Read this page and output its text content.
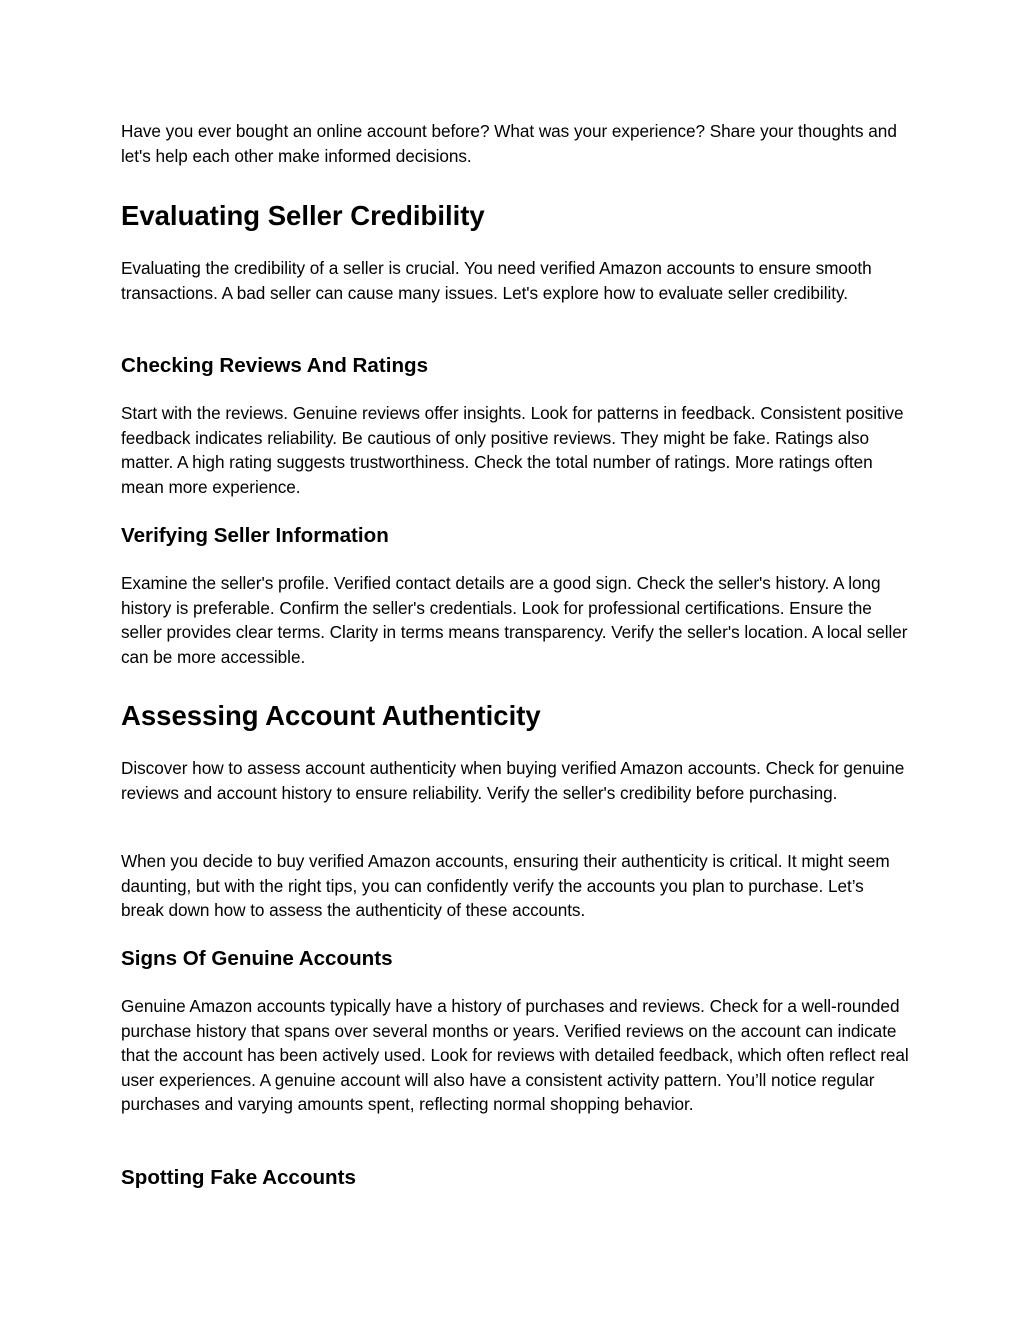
Have you ever bought an online account before? What was your experience? Share your thoughts and let's help each other make informed decisions.

Evaluating Seller Credibility

Evaluating the credibility of a seller is crucial. You need verified Amazon accounts to ensure smooth transactions. A bad seller can cause many issues. Let's explore how to evaluate seller credibility.

Checking Reviews And Ratings

Start with the reviews. Genuine reviews offer insights. Look for patterns in feedback. Consistent positive feedback indicates reliability. Be cautious of only positive reviews. They might be fake. Ratings also matter. A high rating suggests trustworthiness. Check the total number of ratings. More ratings often mean more experience.

Verifying Seller Information

Examine the seller's profile. Verified contact details are a good sign. Check the seller's history. A long history is preferable. Confirm the seller's credentials. Look for professional certifications. Ensure the seller provides clear terms. Clarity in terms means transparency. Verify the seller's location. A local seller can be more accessible.

Assessing Account Authenticity

Discover how to assess account authenticity when buying verified Amazon accounts. Check for genuine reviews and account history to ensure reliability. Verify the seller's credibility before purchasing.

When you decide to buy verified Amazon accounts, ensuring their authenticity is critical. It might seem daunting, but with the right tips, you can confidently verify the accounts you plan to purchase. Let’s break down how to assess the authenticity of these accounts.

Signs Of Genuine Accounts

Genuine Amazon accounts typically have a history of purchases and reviews. Check for a well-rounded purchase history that spans over several months or years. Verified reviews on the account can indicate that the account has been actively used. Look for reviews with detailed feedback, which often reflect real user experiences. A genuine account will also have a consistent activity pattern. You’ll notice regular purchases and varying amounts spent, reflecting normal shopping behavior.

Spotting Fake Accounts
